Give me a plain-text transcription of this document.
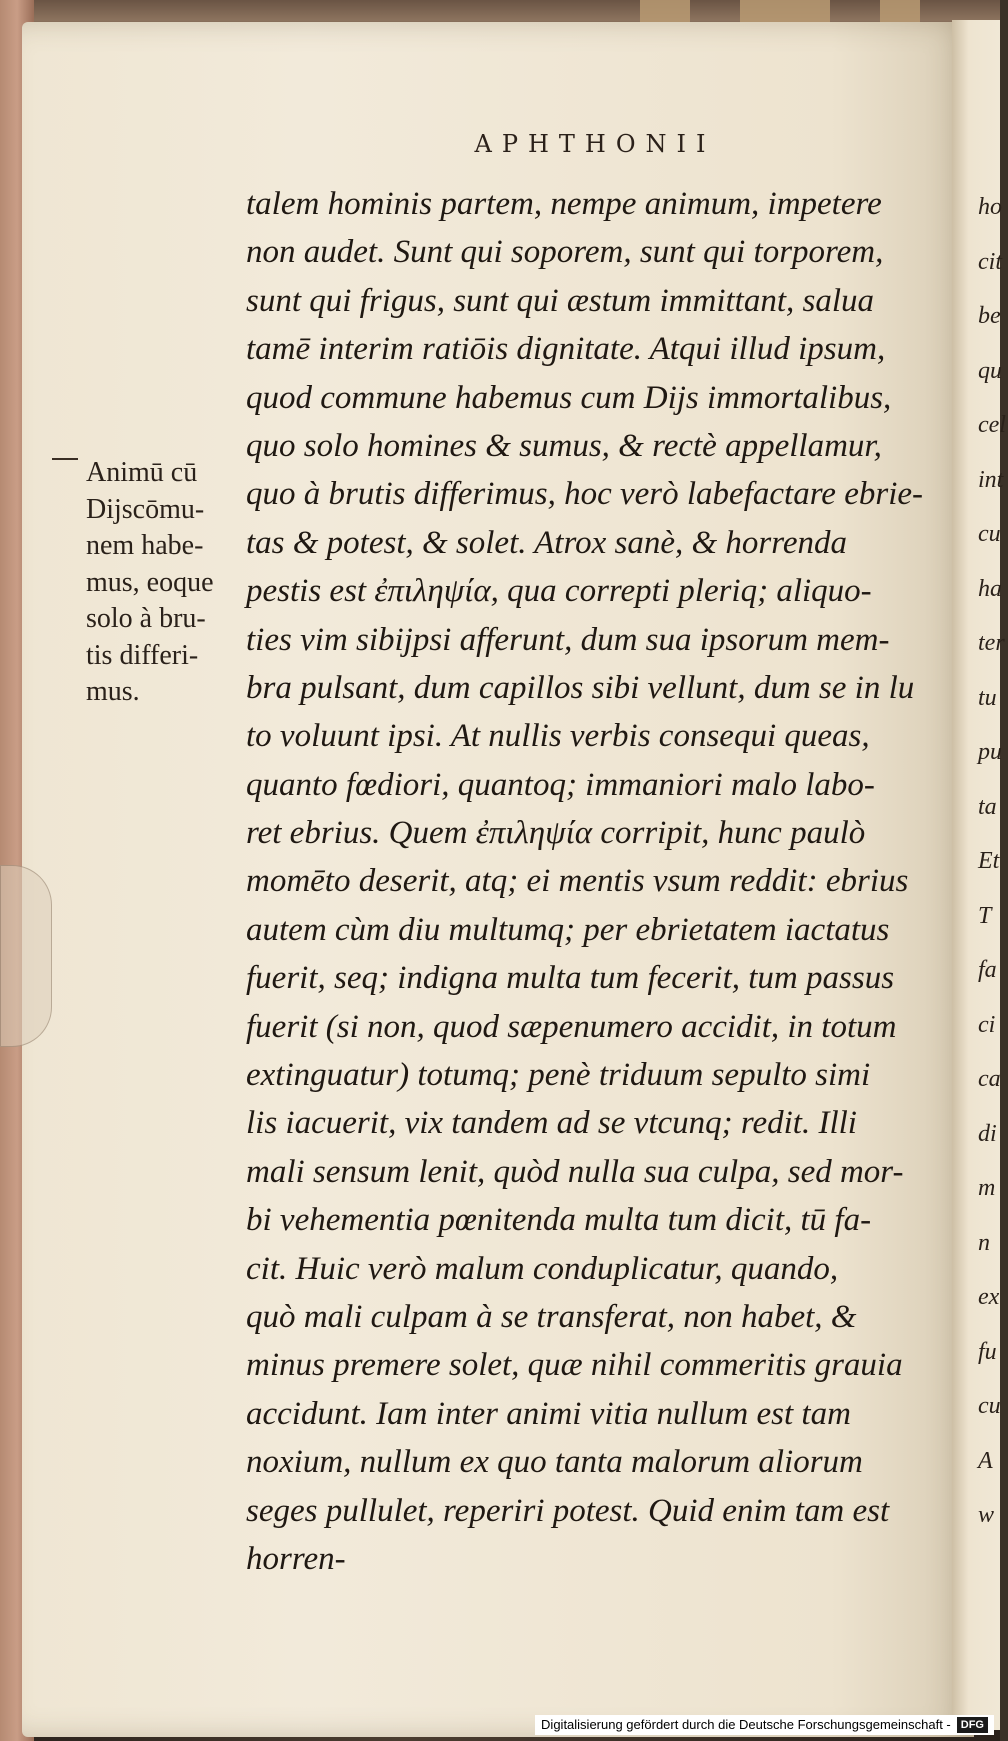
APHTHONII
Animū cū
Dijscōmu-
nem habe-
mus, eoque
solo à bru-
tis differi-
mus.
talem hominis partem, nempe animum, impetere
non audet. Sunt qui soporem, sunt qui torporem,
sunt qui frigus, sunt qui æstum immittant, salua
tamē interim ratiōis dignitate. Atqui illud ipsum,
quod commune habemus cum Dijs immortalibus,
quo solo homines & sumus, & rectè appellamur,
quo à brutis differimus, hoc verò labefactare ebrie-
tas & potest, & solet. Atrox sanè, & horrenda
pestis est ἐπιληψία, qua correpti pleriq; aliquo-
ties vim sibijpsi afferunt, dum sua ipsorum mem-
bra pulsant, dum capillos sibi vellunt, dum se in lu
to voluunt ipsi. At nullis verbis consequi queas,
quanto fœdiori, quantoq; immaniori malo labo-
ret ebrius. Quem ἐπιληψία corripit, hunc paulò
momēto deserit, atq; ei mentis vsum reddit: ebrius
autem cùm diu multumq; per ebrietatem iactatus
fuerit, seq; indigna multa tum fecerit, tum passus
fuerit (si non, quod sæpenumero accidit, in totum
extinguatur) totumq; penè triduum sepulto simi
lis iacuerit, vix tandem ad se vtcunq; redit. Illi
mali sensum lenit, quòd nulla sua culpa, sed mor-
bi vehementia pœnitenda multa tum dicit, tū fa-
cit. Huic verò malum conduplicatur, quando,
quò mali culpam à se transferat, non habet, &
minus premere solet, quæ nihil commeritis grauia
accidunt. Iam inter animi vitia nullum est tam
noxium, nullum ex quo tanta malorum aliorum
seges pullulet, reperiri potest. Quid enim tam est
horren-
ho
cit
be
qu
cel
int
cu
ha
ter
tu
pu
ta
Et
T
fa
ci
ca
di
m
n
ex
fu
cu
A
w
Digitalisierung gefördert durch die Deutsche Forschungsgemeinschaft - DFG
